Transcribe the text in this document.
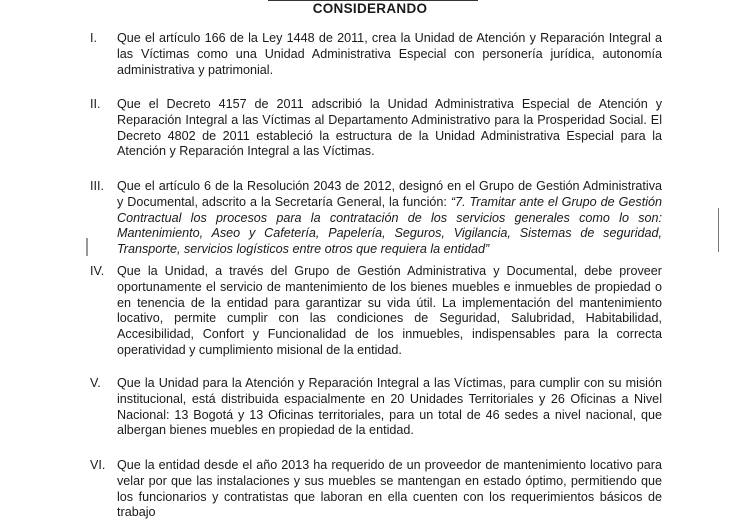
CONSIDERANDO
I. Que el artículo 166 de la Ley 1448 de 2011, crea la Unidad de Atención y Reparación Integral a las Víctimas como una Unidad Administrativa Especial con personería jurídica, autonomía administrativa y patrimonial.
II. Que el Decreto 4157 de 2011 adscribió la Unidad Administrativa Especial de Atención y Reparación Integral a las Víctimas al Departamento Administrativo para la Prosperidad Social. El Decreto 4802 de 2011 estableció la estructura de la Unidad Administrativa Especial para la Atención y Reparación Integral a las Víctimas.
III. Que el artículo 6 de la Resolución 2043 de 2012, designó en el Grupo de Gestión Administrativa y Documental, adscrito a la Secretaría General, la función: “7. Tramitar ante el Grupo de Gestión Contractual los procesos para la contratación de los servicios generales como lo son: Mantenimiento, Aseo y Cafetería, Papelería, Seguros, Vigilancia, Sistemas de seguridad, Transporte, servicios logísticos entre otros que requiera la entidad”
IV. Que la Unidad, a través del Grupo de Gestión Administrativa y Documental, debe proveer oportunamente el servicio de mantenimiento de los bienes muebles e inmuebles de propiedad o en tenencia de la entidad para garantizar su vida útil. La implementación del mantenimiento locativo, permite cumplir con las condiciones de Seguridad, Salubridad, Habitabilidad, Accesibilidad, Confort y Funcionalidad de los inmuebles, indispensables para la correcta operatividad y cumplimiento misional de la entidad.
V. Que la Unidad para la Atención y Reparación Integral a las Víctimas, para cumplir con su misión institucional, está distribuida espacialmente en 20 Unidades Territoriales y 26 Oficinas a Nivel Nacional: 13 Bogotá y 13 Oficinas territoriales, para un total de 46 sedes a nivel nacional, que albergan bienes muebles en propiedad de la entidad.
VI. Que la entidad desde el año 2013 ha requerido de un proveedor de mantenimiento locativo para velar por que las instalaciones y sus muebles se mantengan en estado óptimo, permitiendo que los funcionarios y contratistas que laboran en ella cuenten con los requerimientos básicos de trabajo
